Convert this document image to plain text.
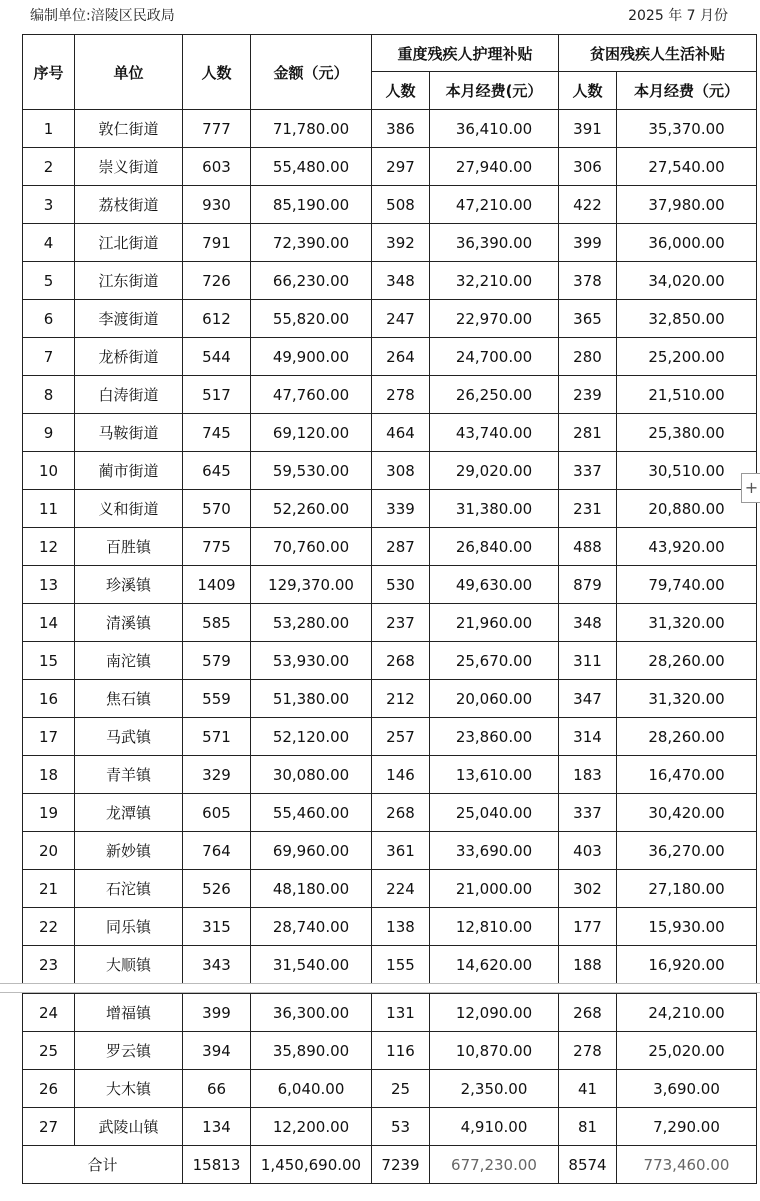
编制单位:涪陵区民政局	2025 年 7 月份
序号	单位	人数	金额（元）	重度残疾人护理补贴		贫困残疾人生活补贴	
				人数	本月经费(元）	人数	本月经费（元）
1	敦仁街道	777	71,780.00	386	36,410.00	391	35,370.00
2	崇义街道	603	55,480.00	297	27,940.00	306	27,540.00
3	荔枝街道	930	85,190.00	508	47,210.00	422	37,980.00
4	江北街道	791	72,390.00	392	36,390.00	399	36,000.00
5	江东街道	726	66,230.00	348	32,210.00	378	34,020.00
6	李渡街道	612	55,820.00	247	22,970.00	365	32,850.00
7	龙桥街道	544	49,900.00	264	24,700.00	280	25,200.00
8	白涛街道	517	47,760.00	278	26,250.00	239	21,510.00
9	马鞍街道	745	69,120.00	464	43,740.00	281	25,380.00
10	蔺市街道	645	59,530.00	308	29,020.00	337	30,510.00
11	义和街道	570	52,260.00	339	31,380.00	231	20,880.00
12	百胜镇	775	70,760.00	287	26,840.00	488	43,920.00
13	珍溪镇	1409	129,370.00	530	49,630.00	879	79,740.00
14	清溪镇	585	53,280.00	237	21,960.00	348	31,320.00
15	南沱镇	579	53,930.00	268	25,670.00	311	28,260.00
16	焦石镇	559	51,380.00	212	20,060.00	347	31,320.00
17	马武镇	571	52,120.00	257	23,860.00	314	28,260.00
18	青羊镇	329	30,080.00	146	13,610.00	183	16,470.00
19	龙潭镇	605	55,460.00	268	25,040.00	337	30,420.00
20	新妙镇	764	69,960.00	361	33,690.00	403	36,270.00
21	石沱镇	526	48,180.00	224	21,000.00	302	27,180.00
22	同乐镇	315	28,740.00	138	12,810.00	177	15,930.00
23	大顺镇	343	31,540.00	155	14,620.00	188	16,920.00
24	增福镇	399	36,300.00	131	12,090.00	268	24,210.00
25	罗云镇	394	35,890.00	116	10,870.00	278	25,020.00
26	大木镇	66	6,040.00	25	2,350.00	41	3,690.00
27	武陵山镇	134	12,200.00	53	4,910.00	81	7,290.00
合计		15813	1,450,690.00	7239	677,230.00	8574	773,460.00
+
